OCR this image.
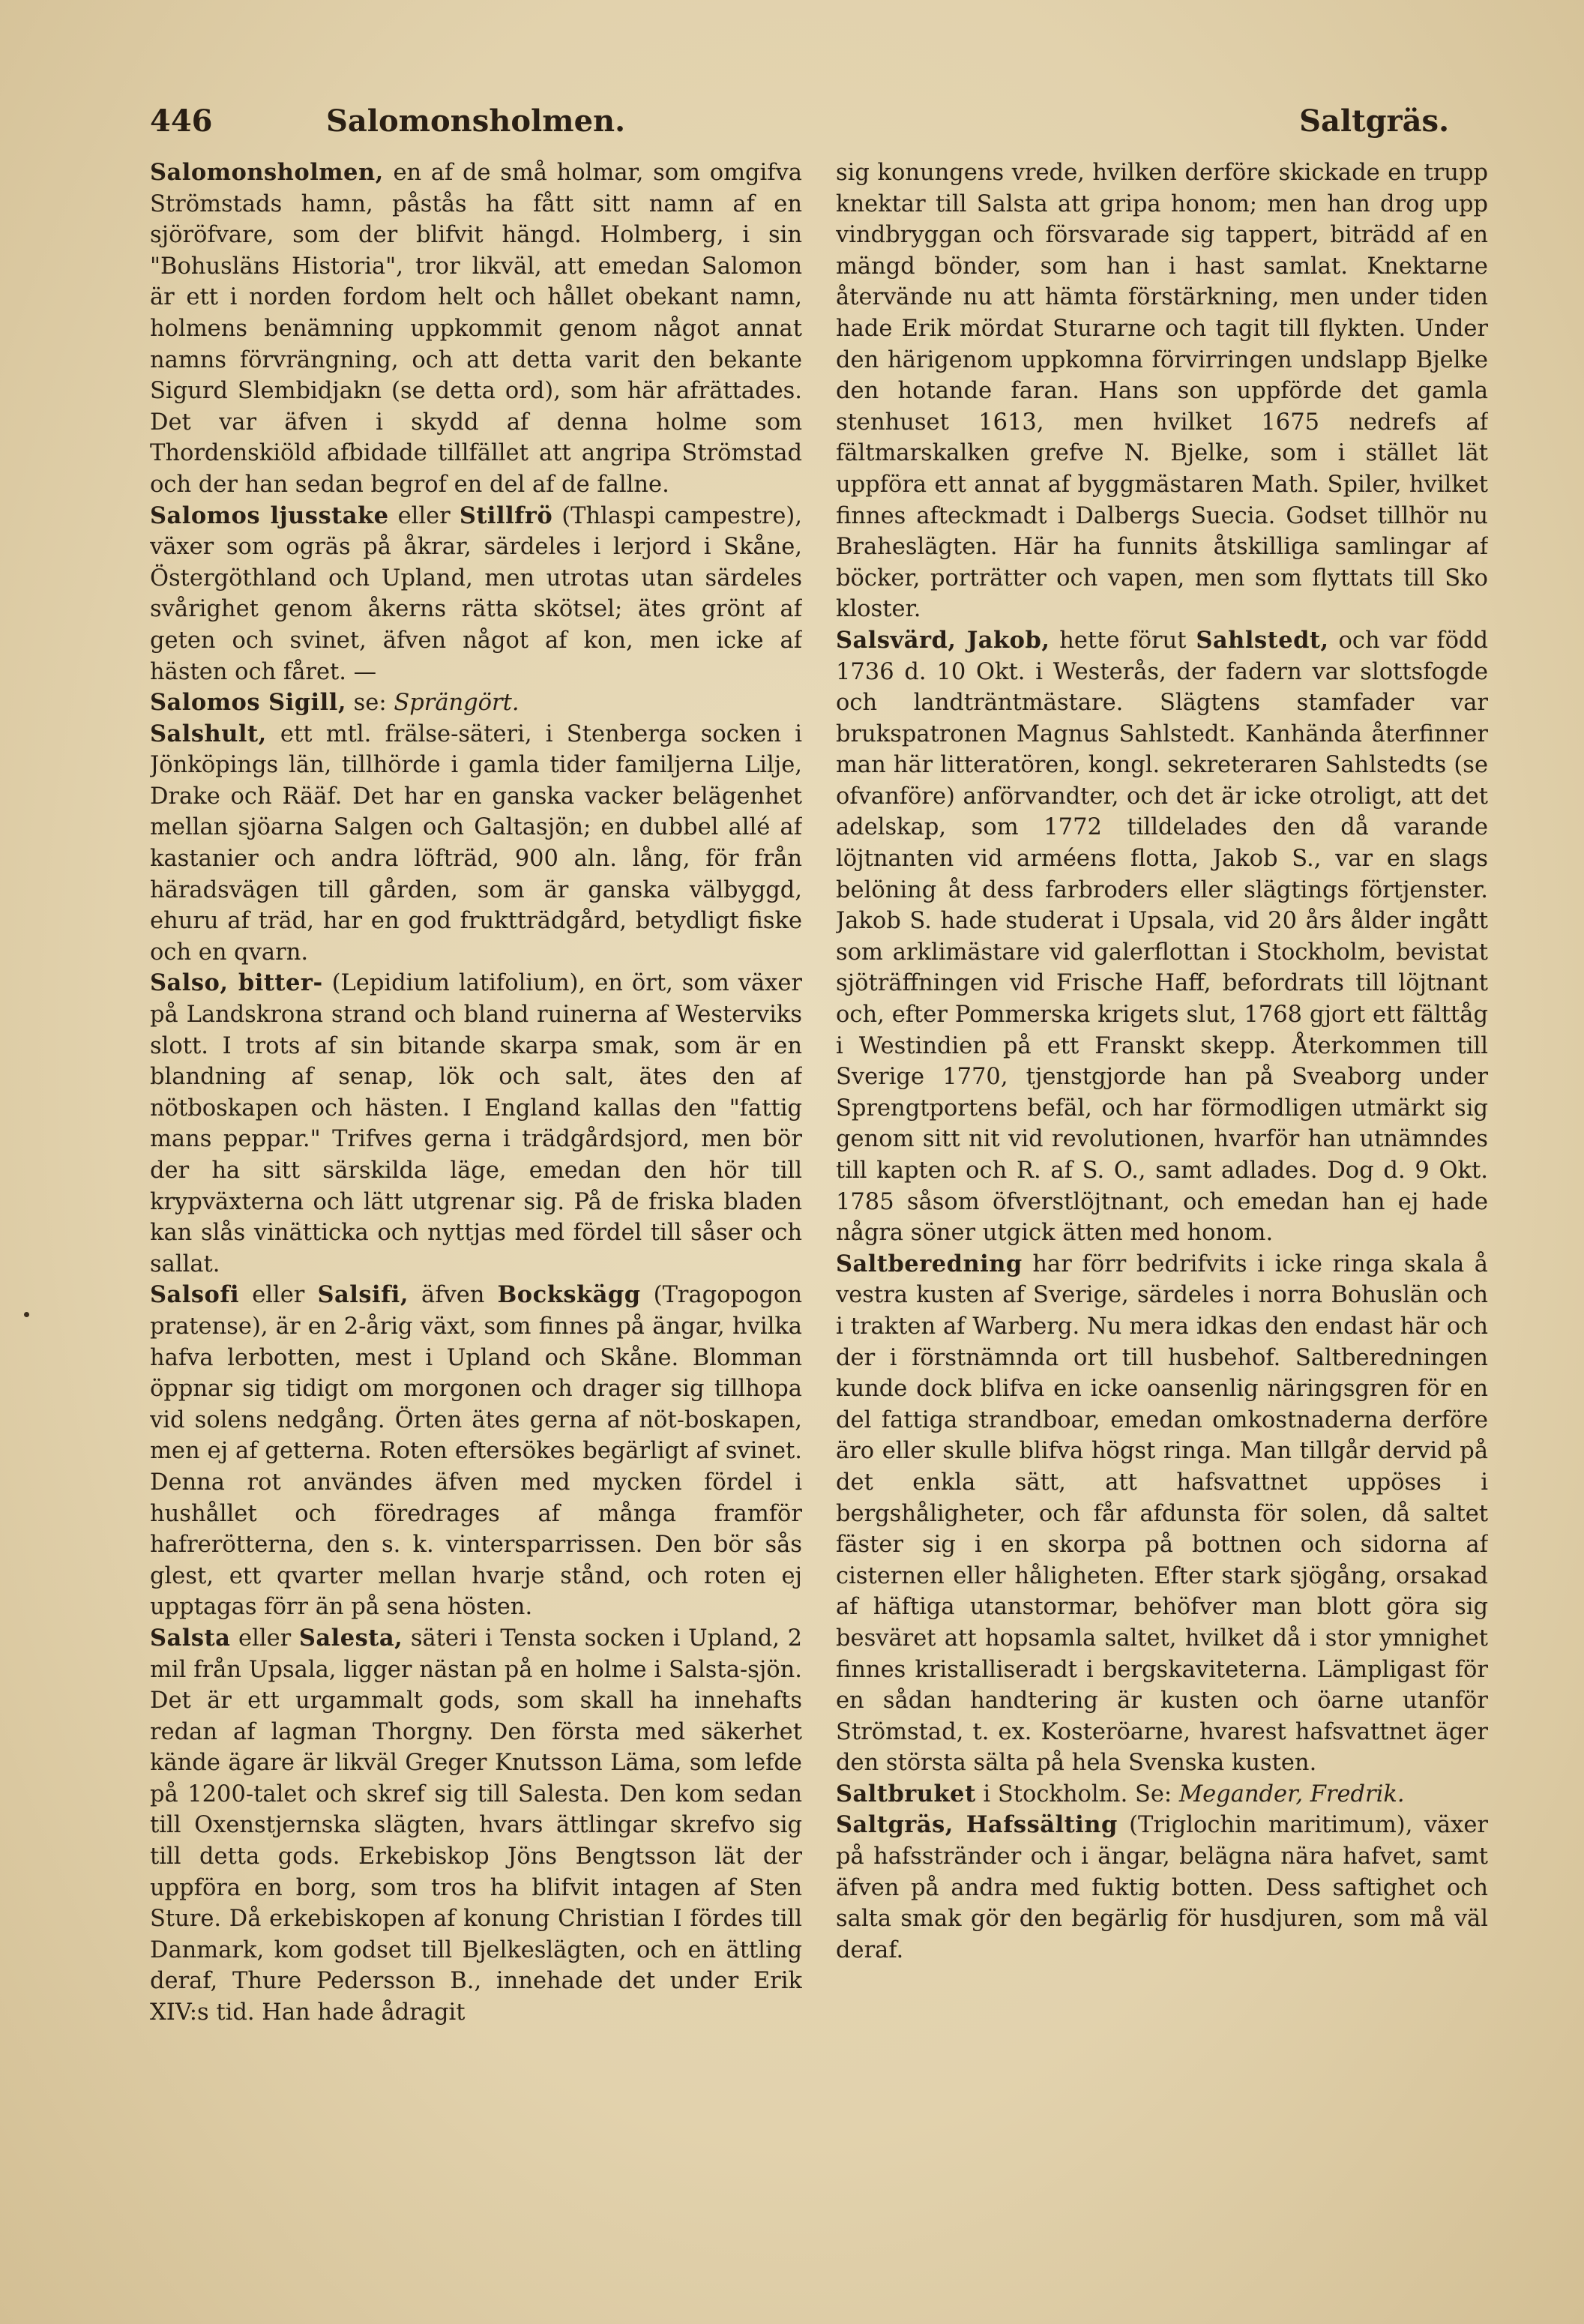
446	Salomonsholmen.	Saltgräs.

Salomonsholmen, en af de små holmar, som omgifva Strömstads hamn, påstås ha fått sitt namn af en sjöröfvare, som der blifvit hängd. Holmberg, i sin "Bohusläns Historia", tror likväl, att emedan Salomon är ett i norden fordom helt och hållet obekant namn, holmens benämning uppkommit genom något annat namns förvrängning, och att detta varit den bekante Sigurd Slembidjakn (se detta ord), som här afrättades. Det var äfven i skydd af denna holme som Thordenskiöld afbidade tillfället att angripa Strömstad och der han sedan begrof en del af de fallne.

Salomos ljusstake eller Stillfrö (Thlaspi campestre), växer som ogräs på åkrar, särdeles i lerjord i Skåne, Östergöthland och Upland, men utrotas utan särdeles svårighet genom åkerns rätta skötsel; ätes grönt af geten och svinet, äfven något af kon, men icke af hästen och fåret. —

Salomos Sigill, se: Sprängört.

Salshult, ett mtl. frälse-säteri, i Stenberga socken i Jönköpings län, tillhörde i gamla tider familjerna Lilje, Drake och Rääf. Det har en ganska vacker belägenhet mellan sjöarna Salgen och Galtasjön; en dubbel allé af kastanier och andra löfträd, 900 aln. lång, för från häradsvägen till gården, som är ganska välbyggd, ehuru af träd, har en god fruktträdgård, betydligt fiske och en qvarn.

Salso, bitter- (Lepidium latifolium), en ört, som växer på Landskrona strand och bland ruinerna af Westerviks slott. I trots af sin bitande skarpa smak, som är en blandning af senap, lök och salt, ätes den af nötboskapen och hästen. I England kallas den "fattig mans peppar." Trifves gerna i trädgårdsjord, men bör der ha sitt särskilda läge, emedan den hör till krypväxterna och lätt utgrenar sig. På de friska bladen kan slås vinätticka och nyttjas med fördel till såser och sallat.

Salsofi eller Salsifi, äfven Bockskägg (Tragopogon pratense), är en 2-årig växt, som finnes på ängar, hvilka hafva lerbotten, mest i Upland och Skåne. Blomman öppnar sig tidigt om morgonen och drager sig tillhopa vid solens nedgång. Örten ätes gerna af nöt-boskapen, men ej af getterna. Roten eftersökes begärligt af svinet. Denna rot användes äfven med mycken fördel i hushållet och föredrages af många framför hafrerötterna, den s. k. vintersparrissen. Den bör sås glest, ett qvarter mellan hvarje stånd, och roten ej upptagas förr än på sena hösten.

Salsta eller Salesta, säteri i Tensta socken i Upland, 2 mil från Upsala, ligger nästan på en holme i Salsta-sjön. Det är ett urgammalt gods, som skall ha innehafts redan af lagman Thorgny. Den första med säkerhet kände ägare är likväl Greger Knutsson Läma, som lefde på 1200-talet och skref sig till Salesta. Den kom sedan till Oxenstjernska slägten, hvars ättlingar skrefvo sig till detta gods. Erkebiskop Jöns Bengtsson lät der uppföra en borg, som tros ha blifvit intagen af Sten Sture. Då erkebiskopen af konung Christian I fördes till Danmark, kom godset till Bjelkeslägten, och en ättling deraf, Thure Pedersson B., innehade det under Erik XIV:s tid. Han hade ådragit

sig konungens vrede, hvilken derföre skickade en trupp knektar till Salsta att gripa honom; men han drog upp vindbryggan och försvarade sig tappert, biträdd af en mängd bönder, som han i hast samlat. Knektarne återvände nu att hämta förstärkning, men under tiden hade Erik mördat Sturarne och tagit till flykten. Under den härigenom uppkomna förvirringen undslapp Bjelke den hotande faran. Hans son uppförde det gamla stenhuset 1613, men hvilket 1675 nedrefs af fältmarskalken grefve N. Bjelke, som i stället lät uppföra ett annat af byggmästaren Math. Spiler, hvilket finnes afteckmadt i Dalbergs Suecia. Godset tillhör nu Braheslägten. Här ha funnits åtskilliga samlingar af böcker, porträtter och vapen, men som flyttats till Sko kloster.

Salsvärd, Jakob, hette förut Sahlstedt, och var född 1736 d. 10 Okt. i Westerås, der fadern var slottsfogde och landträntmästare. Slägtens stamfader var brukspatronen Magnus Sahlstedt. Kanhända återfinner man här litteratören, kongl. sekreteraren Sahlstedts (se ofvanföre) anförvandter, och det är icke otroligt, att det adelskap, som 1772 tilldelades den då varande löjtnanten vid arméens flotta, Jakob S., var en slags belöning åt dess farbroders eller slägtings förtjenster. Jakob S. hade studerat i Upsala, vid 20 års ålder ingått som arklimästare vid galerflottan i Stockholm, bevistat sjöträffningen vid Frische Haff, befordrats till löjtnant och, efter Pommerska krigets slut, 1768 gjort ett fälttåg i Westindien på ett Franskt skepp. Återkommen till Sverige 1770, tjenstgjorde han på Sveaborg under Sprengtportens befäl, och har förmodligen utmärkt sig genom sitt nit vid revolutionen, hvarför han utnämndes till kapten och R. af S. O., samt adlades. Dog d. 9 Okt. 1785 såsom öfverstlöjtnant, och emedan han ej hade några söner utgick ätten med honom.

Saltberedning har förr bedrifvits i icke ringa skala å vestra kusten af Sverige, särdeles i norra Bohuslän och i trakten af Warberg. Nu mera idkas den endast här och der i förstnämnda ort till husbehof. Saltberedningen kunde dock blifva en icke oansenlig näringsgren för en del fattiga strandboar, emedan omkostnaderna derföre äro eller skulle blifva högst ringa. Man tillgår dervid på det enkla sätt, att hafsvattnet uppöses i bergshåligheter, och får afdunsta för solen, då saltet fäster sig i en skorpa på bottnen och sidorna af cisternen eller håligheten. Efter stark sjögång, orsakad af häftiga utanstormar, behöfver man blott göra sig besväret att hopsamla saltet, hvilket då i stor ymnighet finnes kristalliseradt i bergskaviteterna. Lämpligast för en sådan handtering är kusten och öarne utanför Strömstad, t. ex. Kosteröarne, hvarest hafsvattnet äger den största sälta på hela Svenska kusten.

Saltbruket i Stockholm. Se: Megander, Fredrik.

Saltgräs, Hafssälting (Triglochin maritimum), växer på hafsstränder och i ängar, belägna nära hafvet, samt äfven på andra med fuktig botten. Dess saftighet och salta smak gör den begärlig för husdjuren, som må väl deraf.
